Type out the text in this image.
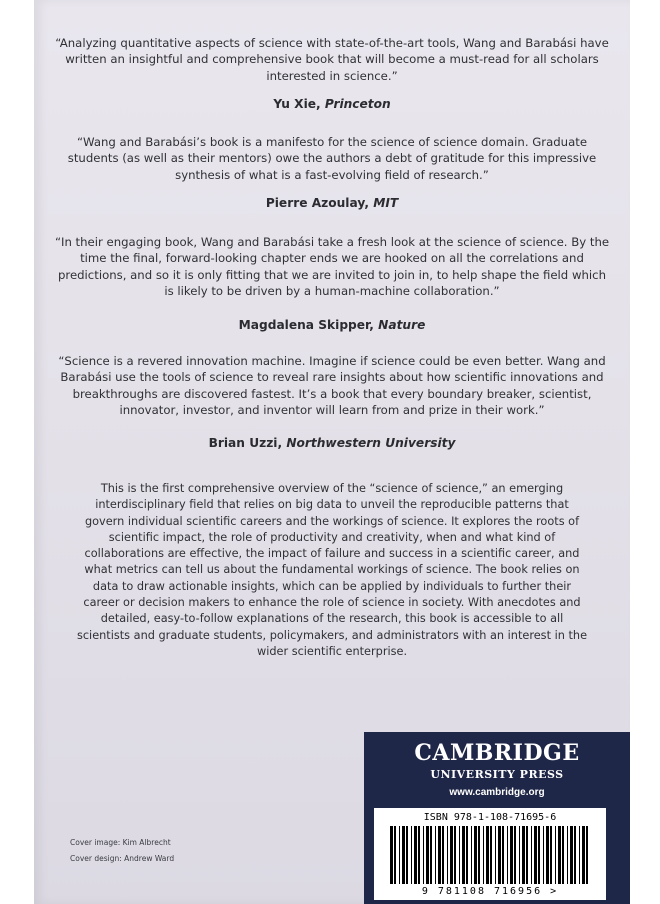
“Analyzing quantitative aspects of science with state-of-the-art tools, Wang and Barabási have written an insightful and comprehensive book that will become a must-read for all scholars interested in science.”

Yu Xie, Princeton

“Wang and Barabási’s book is a manifesto for the science of science domain. Graduate students (as well as their mentors) owe the authors a debt of gratitude for this impressive synthesis of what is a fast-evolving field of research.”

Pierre Azoulay, MIT

“In their engaging book, Wang and Barabási take a fresh look at the science of science. By the time the final, forward-looking chapter ends we are hooked on all the correlations and predictions, and so it is only fitting that we are invited to join in, to help shape the field which is likely to be driven by a human-machine collaboration.”

Magdalena Skipper, Nature

“Science is a revered innovation machine. Imagine if science could be even better. Wang and Barabási use the tools of science to reveal rare insights about how scientific innovations and breakthroughs are discovered fastest. It’s a book that every boundary breaker, scientist, innovator, investor, and inventor will learn from and prize in their work.”

Brian Uzzi, Northwestern University

This is the first comprehensive overview of the “science of science,” an emerging interdisciplinary field that relies on big data to unveil the reproducible patterns that govern individual scientific careers and the workings of science. It explores the roots of scientific impact, the role of productivity and creativity, when and what kind of collaborations are effective, the impact of failure and success in a scientific career, and what metrics can tell us about the fundamental workings of science. The book relies on data to draw actionable insights, which can be applied by individuals to further their career or decision makers to enhance the role of science in society. With anecdotes and detailed, easy-to-follow explanations of the research, this book is accessible to all scientists and graduate students, policymakers, and administrators with an interest in the wider scientific enterprise.

Cover image: Kim Albrecht
Cover design: Andrew Ward
CAMBRIDGE
UNIVERSITY PRESS
www.cambridge.org
ISBN 978-1-108-71695-6
9 781108 716956 >
